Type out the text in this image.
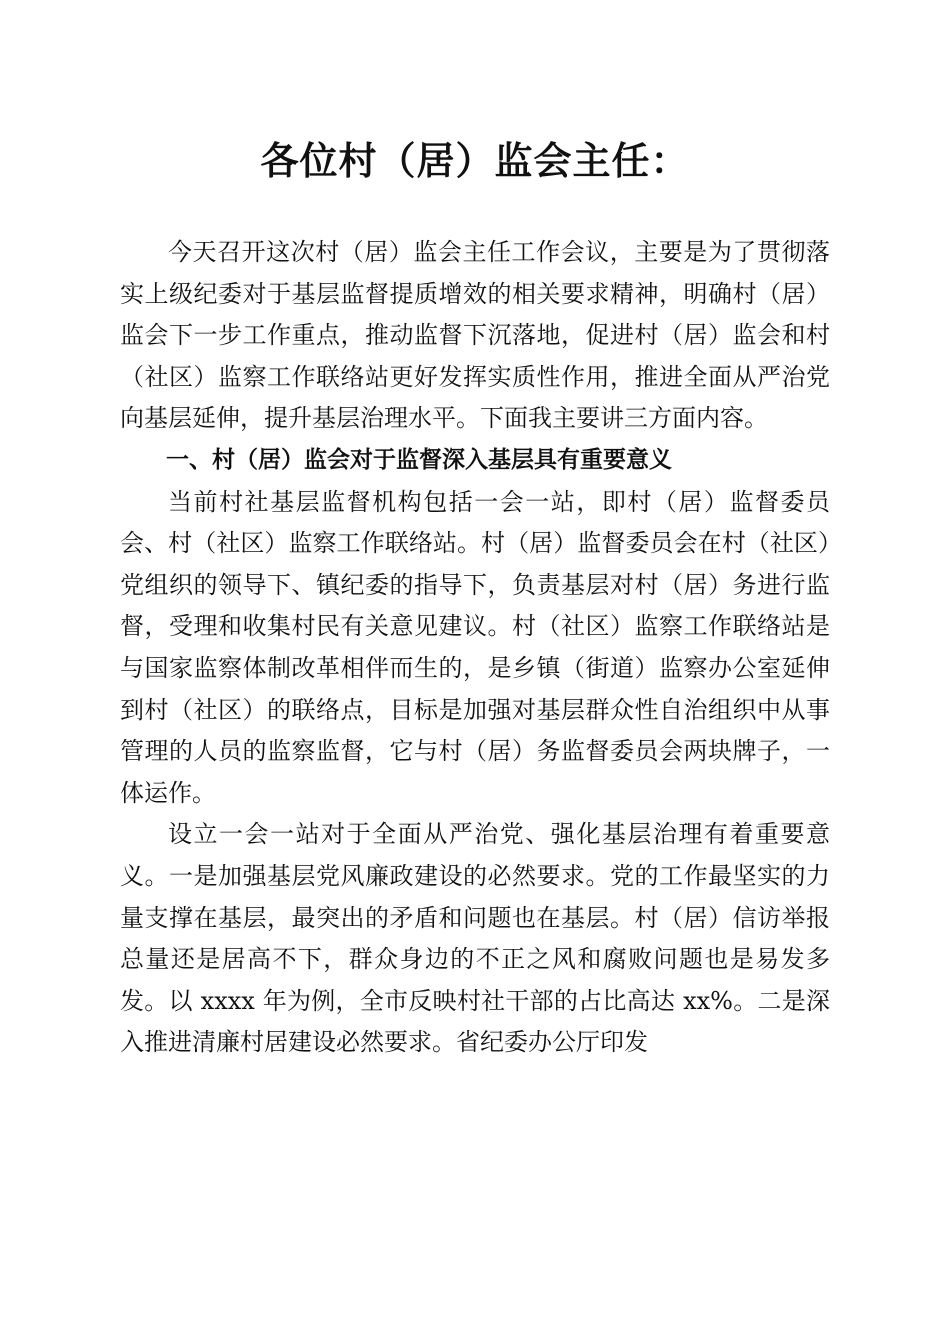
各位村（居）监会主任：

今天召开这次村（居）监会主任工作会议，主要是为了贯彻落实上级纪委对于基层监督提质增效的相关要求精神，明确村（居）监会下一步工作重点，推动监督下沉落地，促进村（居）监会和村（社区）监察工作联络站更好发挥实质性作用，推进全面从严治党向基层延伸，提升基层治理水平。下面我主要讲三方面内容。

一、村（居）监会对于监督深入基层具有重要意义

当前村社基层监督机构包括一会一站，即村（居）监督委员会、村（社区）监察工作联络站。村（居）监督委员会在村（社区）党组织的领导下、镇纪委的指导下，负责基层对村（居）务进行监督，受理和收集村民有关意见建议。村（社区）监察工作联络站是与国家监察体制改革相伴而生的，是乡镇（街道）监察办公室延伸到村（社区）的联络点，目标是加强对基层群众性自治组织中从事管理的人员的监察监督，它与村（居）务监督委员会两块牌子，一体运作。

设立一会一站对于全面从严治党、强化基层治理有着重要意义。一是加强基层党风廉政建设的必然要求。党的工作最坚实的力量支撑在基层，最突出的矛盾和问题也在基层。村（居）信访举报总量还是居高不下，群众身边的不正之风和腐败问题也是易发多发。以 xxxx 年为例，全市反映村社干部的占比高达 xx%。二是深入推进清廉村居建设必然要求。省纪委办公厅印发
